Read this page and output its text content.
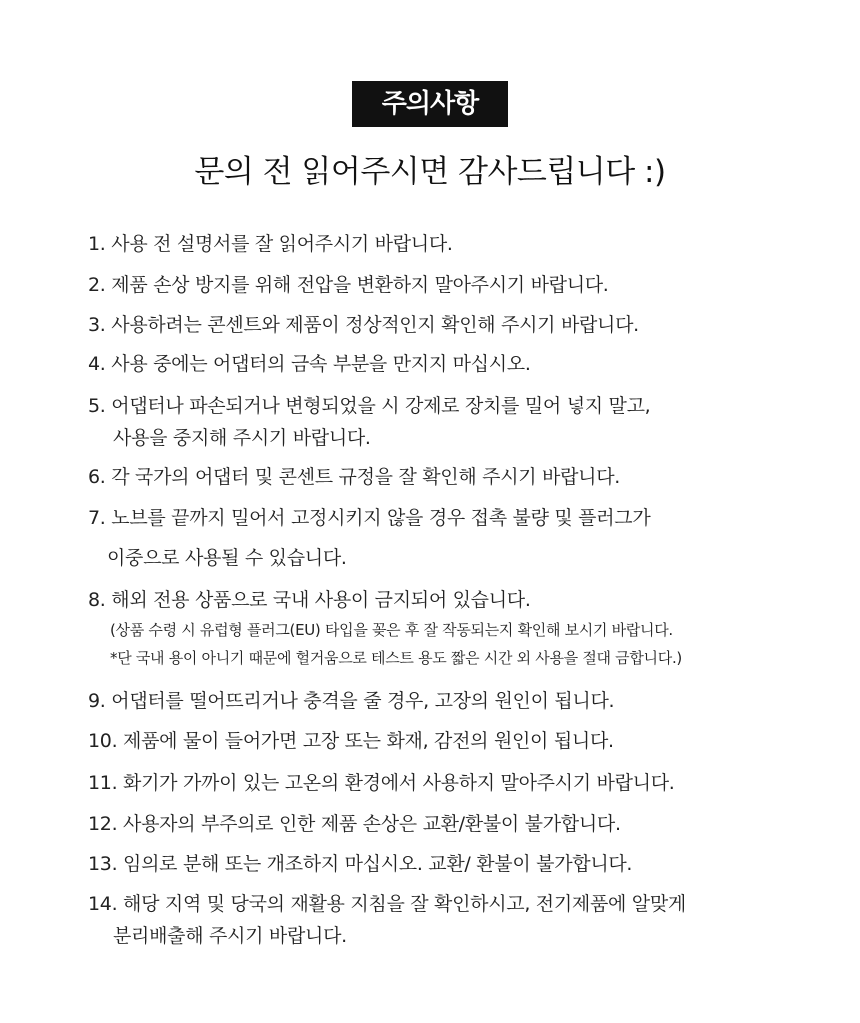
주의사항
문의 전 읽어주시면 감사드립니다 :)
1. 사용 전 설명서를 잘 읽어주시기 바랍니다.
2. 제품 손상 방지를 위해 전압을 변환하지 말아주시기 바랍니다.
3. 사용하려는 콘센트와 제품이 정상적인지 확인해 주시기 바랍니다.
4. 사용 중에는 어댑터의 금속 부분을 만지지 마십시오.
5. 어댑터나 파손되거나 변형되었을 시 강제로 장치를 밀어 넣지 말고,
사용을 중지해 주시기 바랍니다.
6. 각 국가의 어댑터 및 콘센트 규정을 잘 확인해 주시기 바랍니다.
7. 노브를 끝까지 밀어서 고정시키지 않을 경우 접촉 불량 및 플러그가
이중으로 사용될 수 있습니다.
8. 해외 전용 상품으로 국내 사용이 금지되어 있습니다.
(상품 수령 시 유럽형 플러그(EU) 타입을 꽂은 후 잘 작동되는지 확인해 보시기 바랍니다.
*단 국내 용이 아니기 때문에 헐거움으로 테스트 용도 짧은 시간 외 사용을 절대 금합니다.)
9. 어댑터를 떨어뜨리거나 충격을 줄 경우, 고장의 원인이 됩니다.
10. 제품에 물이 들어가면 고장 또는 화재, 감전의 원인이 됩니다.
11. 화기가 가까이 있는 고온의 환경에서 사용하지 말아주시기 바랍니다.
12. 사용자의 부주의로 인한 제품 손상은 교환/환불이 불가합니다.
13. 임의로 분해 또는 개조하지 마십시오. 교환/ 환불이 불가합니다.
14. 해당 지역 및 당국의 재활용 지침을 잘 확인하시고, 전기제품에 알맞게
분리배출해 주시기 바랍니다.
